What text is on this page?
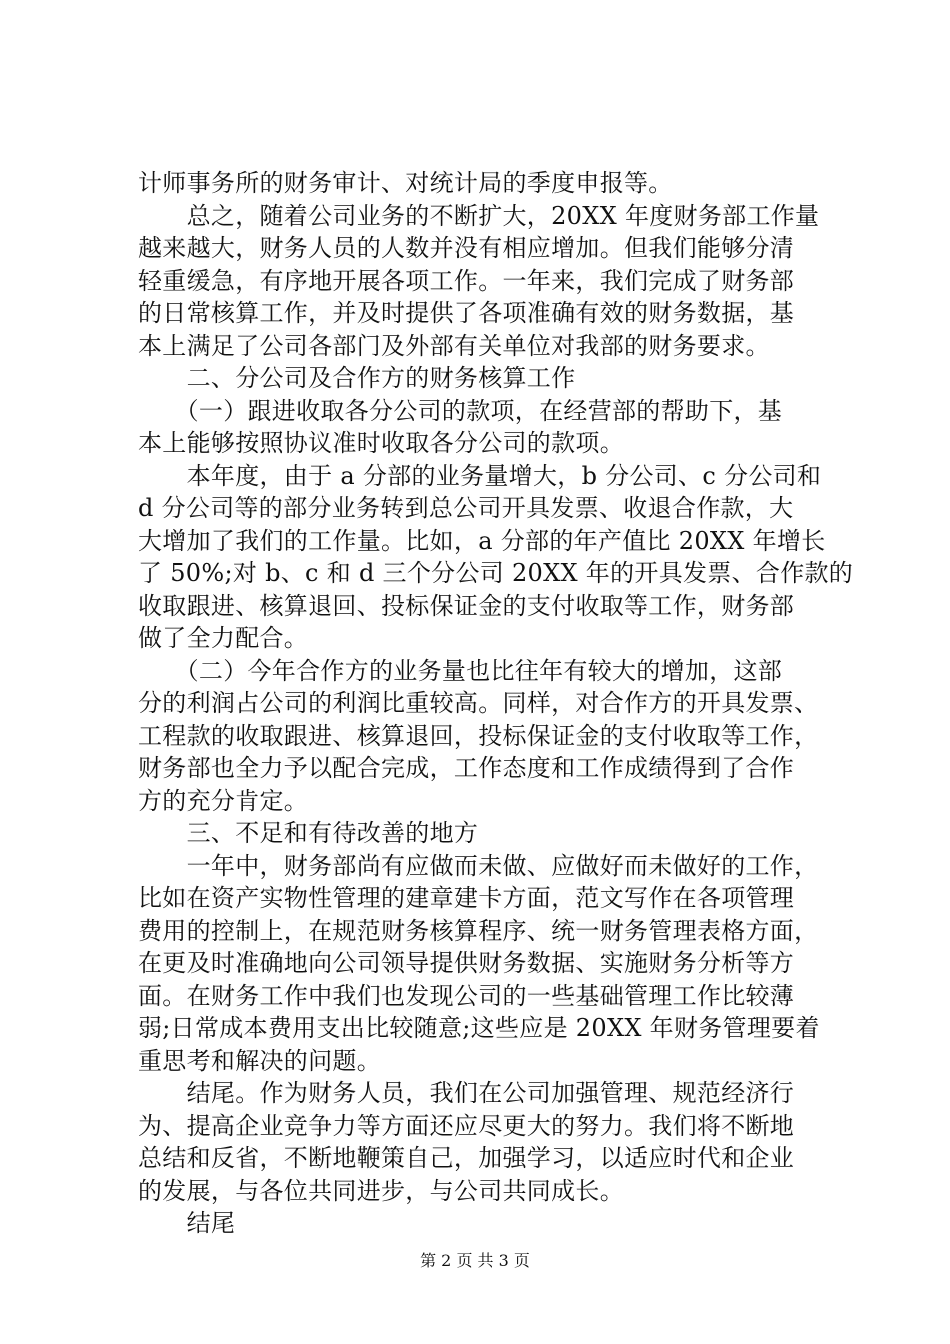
计师事务所的财务审计、对统计局的季度申报等。
　　总之，随着公司业务的不断扩大，20XX 年度财务部工作量
越来越大，财务人员的人数并没有相应增加。但我们能够分清
轻重缓急，有序地开展各项工作。一年来，我们完成了财务部
的日常核算工作，并及时提供了各项准确有效的财务数据，基
本上满足了公司各部门及外部有关单位对我部的财务要求。
　　二、分公司及合作方的财务核算工作
　　（一）跟进收取各分公司的款项，在经营部的帮助下，基
本上能够按照协议准时收取各分公司的款项。
　　本年度，由于 a 分部的业务量增大，b 分公司、c 分公司和
d 分公司等的部分业务转到总公司开具发票、收退合作款，大
大增加了我们的工作量。比如，a 分部的年产值比 20XX 年增长
了 50%;对 b、c 和 d 三个分公司 20XX 年的开具发票、合作款的
收取跟进、核算退回、投标保证金的支付收取等工作，财务部
做了全力配合。
　　（二）今年合作方的业务量也比往年有较大的增加，这部
分的利润占公司的利润比重较高。同样，对合作方的开具发票、
工程款的收取跟进、核算退回，投标保证金的支付收取等工作，
财务部也全力予以配合完成，工作态度和工作成绩得到了合作
方的充分肯定。
　　三、不足和有待改善的地方
　　一年中，财务部尚有应做而未做、应做好而未做好的工作，
比如在资产实物性管理的建章建卡方面，范文写作在各项管理
费用的控制上，在规范财务核算程序、统一财务管理表格方面，
在更及时准确地向公司领导提供财务数据、实施财务分析等方
面。在财务工作中我们也发现公司的一些基础管理工作比较薄
弱;日常成本费用支出比较随意;这些应是 20XX 年财务管理要着
重思考和解决的问题。
　　结尾。作为财务人员，我们在公司加强管理、规范经济行
为、提高企业竞争力等方面还应尽更大的努力。我们将不断地
总结和反省，不断地鞭策自己，加强学习，以适应时代和企业
的发展，与各位共同进步，与公司共同成长。
　　结尾
第 2 页 共 3 页
